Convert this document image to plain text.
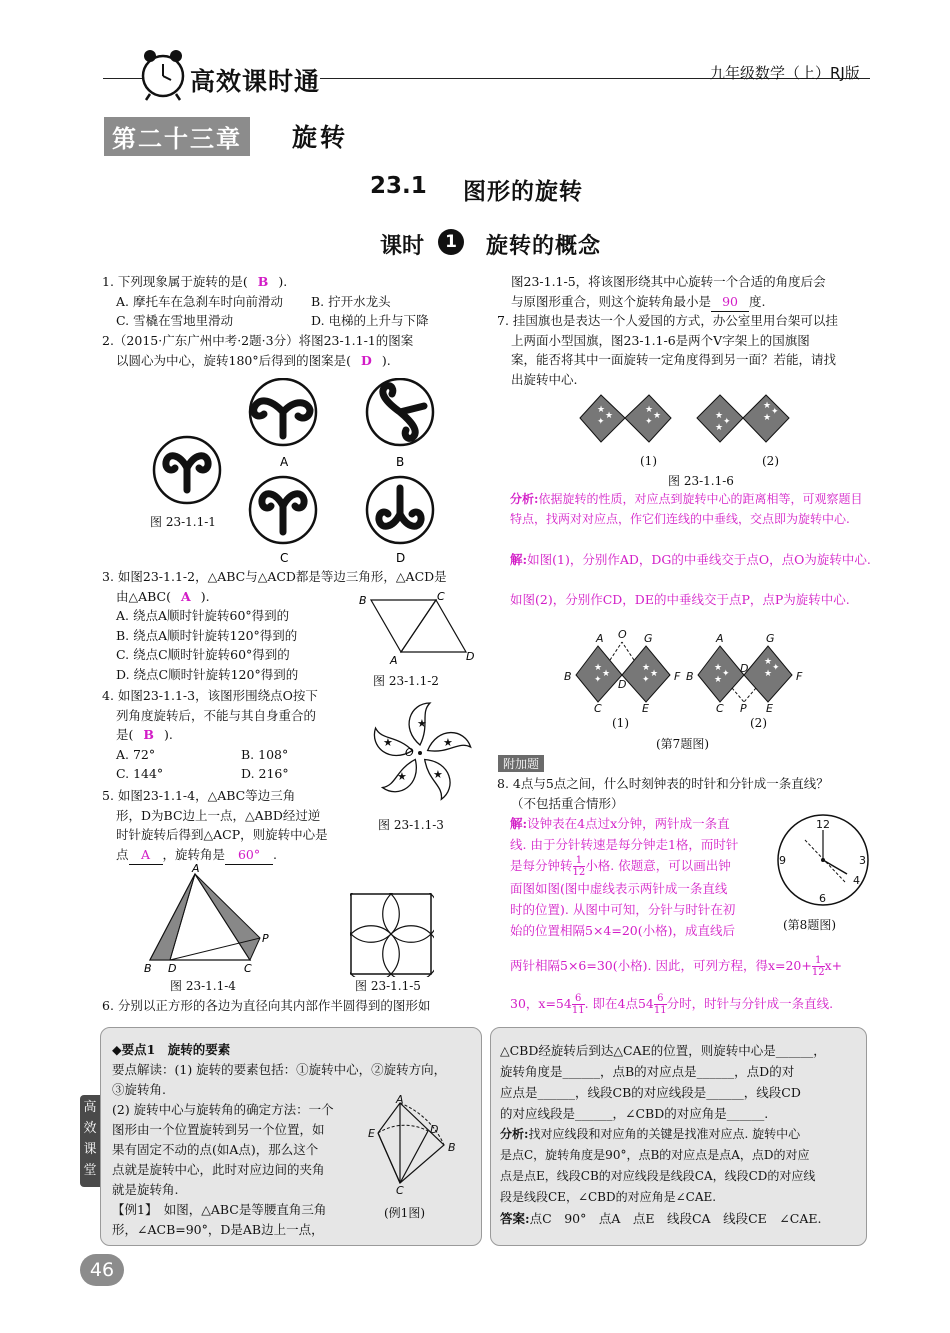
高效课时通	九年级数学（上）RJ版
第二十三章	旋转
23.1 图形的旋转
课时	1	旋转的概念
1. 下列现象属于旋转的是( B ).
A. 摩托车在急刹车时向前滑动 B. 拧开水龙头
C. 雪橇在雪地里滑动	D. 电梯的上升与下降
2.（2015·广东广州中考·2题·3分）将图23-1.1-1的图案
以圆心为中心，旋转180°后得到的图案是( D ).
A	B
C	D
图 23-1.1-1
3. 如图23-1.1-2，△ABC与△ACD都是等边三角形，△ACD是
由△ABC( A ).
A. 绕点A顺时针旋转60°得到的
B. 绕点A顺时针旋转120°得到的
C. 绕点C顺时针旋转60°得到的
D. 绕点C顺时针旋转120°得到的
B	C
A	D
图 23-1.1-2
4. 如图23-1.1-3，该图形围绕点O按下
列角度旋转后，不能与其自身重合的
是( B ).
A. 72°	B. 108°
C. 144°	D. 216°
★
★
★
★
★
O
图 23-1.1-3
5. 如图23-1.1-4，△ABC等边三角
形，D为BC边上一点，△ABD经过逆
时针旋转后得到△ACP，则旋转中心是
点 A ，旋转角是 60° .
A
B D	C
P
图 23-1.1-4	图 23-1.1-5
6. 分别以正方形的各边为直径向其内部作半圆得到的图形如
图23-1.1-5，将该图形绕其中心旋转一个合适的角度后会
与原图形重合，则这个旋转角最小是 90 度.
7. 挂国旗也是表达一个人爱国的方式，办公室里用台架可以挂
上两面小型国旗，图23-1.1-6是两个V字架上的国旗图
案，能否将其中一面旋转一定角度得到另一面？若能，请找
出旋转中心.
★
★
✦
★
★
✦
★
✦
★
★
✦
★
(1)	(2)
图 23-1.1-6
分析:依据旋转的性质，对应点到旋转中心的距离相等，可观察题目特点，找两对对应点，作它们连线的中垂线，交点即为旋转中心.
解:如图(1)，分别作AD，DG的中垂线交于点O，点O为旋转中心.
如图(2)，分别作CD，DE的中垂线交于点P，点P为旋转中心.
★
★
✦
★
★
✦
★
✦
★
★
✦
★
A O G
B
D
F
C	E
A	G
B
D
F
C P E
(1)	(2)
(第7题图)
附加题
8. 4点与5点之间，什么时刻钟表的时针和分针成一条直线？
（不包括重合情形）
解:设钟表在4点过x分钟，两针成一条直
线. 由于分针转速是每分钟走1格，而时针
是每分钟转 $\frac{1}{12}$ 小格. 依题意，可以画出钟
面图如图(图中虚线表示两针成一条直线
时的位置). 从图中可知，分针与时针在初
始的位置相隔5×4=20(小格)，成直线后
两针相隔5×6=30(小格). 因此，可列方程，得$x=20+ \frac{1}{12} x+$
30，$x=54 \frac{6}{11}$ . 即在4点$54 \frac{6}{11}$ 分时，时针与分针成一条直线.
12
3
6
9
4
(第8题图)
◆要点1　旋转的要素
要点解读：(1) 旋转的要素包括：①旋转中心，②旋转方向，
③旋转角.
(2) 旋转中心与旋转角的确定方法：一个
图形由一个位置旋转到另一个位置，如
果有固定不动的点(如A点)，那么这个
点就是旋转中心，此时对应边间的夹角
就是旋转角.
【例1】　如图，△ABC是等腰直角三角
形，∠ACB=90°，D是AB边上一点，
A
E	D
B
C
(例1图)
△CBD经旋转后到达△CAE的位置，则旋转中心是______，
旋转角度是______，点B的对应点是______，点D的对
应点是______，线段CB的对应线段是______，线段CD
的对应线段是______，∠CBD的对应角是______.
分析:找对应线段和对应角的关键是找准对应点. 旋转中心
是点C，旋转角度是90°，点B的对应点是点A，点D的对应
点是点E，线段CB的对应线段是线段CA，线段CD的对应线
段是线段CE，∠CBD的对应角是∠CAE.
答案:点C　90°　点A　点E　线段CA　线段CE　∠CAE.
高效课堂
46
